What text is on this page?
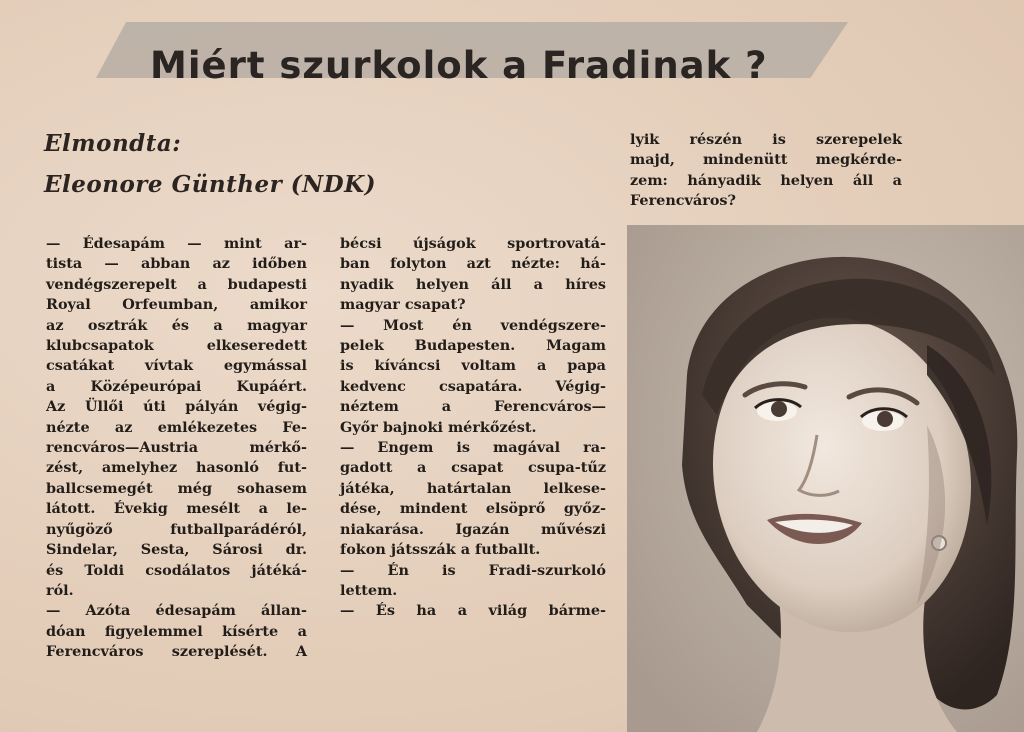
Miért szurkolok a Fradinak ?
Elmondta:
Eleonore Günther (NDK)
— Édesapám — mint ar-
tista — abban az időben
vendégszerepelt a budapesti
Royal Orfeumban, amikor
az osztrák és a magyar
klubcsapatok elkeseredett
csatákat vívtak egymással
a Középeurópai Kupáért.
Az Üllői úti pályán végig-
nézte az emlékezetes Fe-
rencváros—Austria mérkő-
zést, amelyhez hasonló fut-
ballcsemegét még sohasem
látott. Évekig mesélt a le-
nyűgöző futballparádéról,
Sindelar, Sesta, Sárosi dr.
és Toldi csodálatos játéká-
ról.
— Azóta édesapám állan-
dóan figyelemmel kísérte a
Ferencváros szereplését. A
bécsi újságok sportrovatá-
ban folyton azt nézte: há-
nyadik helyen áll a híres
magyar csapat?
— Most én vendégszere-
pelek Budapesten. Magam
is kíváncsi voltam a papa
kedvenc csapatára. Végig-
néztem a Ferencváros—
Győr bajnoki mérkőzést.
— Engem is magával ra-
gadott a csapat csupa-tűz
játéka, határtalan lelkese-
dése, mindent elsöprő győz-
niakarása. Igazán művészi
fokon játsszák a futballt.
— Én is Fradi-szurkoló
lettem.
— És ha a világ bárme-
lyik részén is szerepelek
majd, mindenütt megkérde-
zem: hányadik helyen áll a
Ferencváros?
